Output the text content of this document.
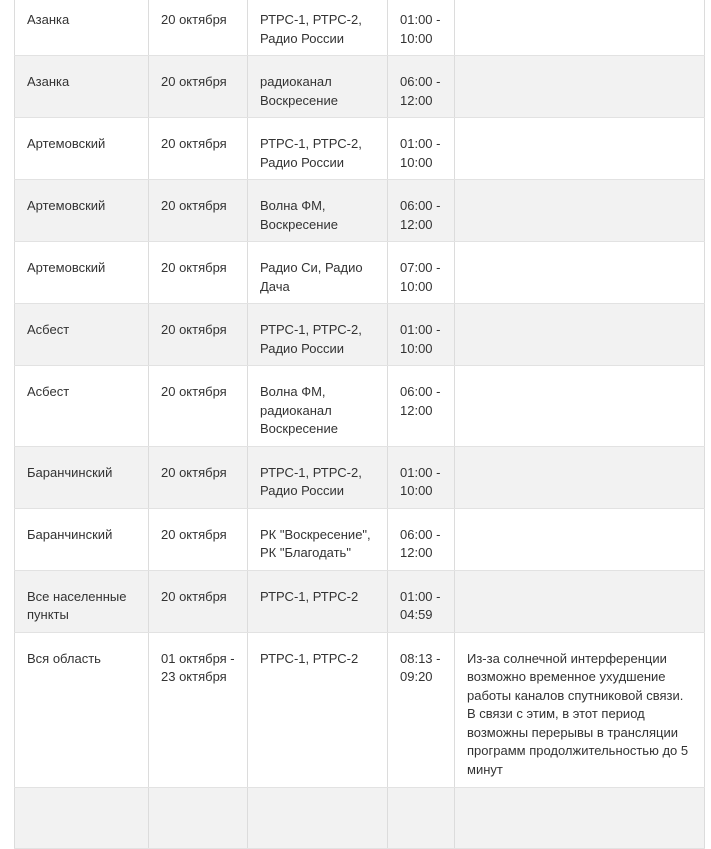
Азанка	20 октября	РТРС-1, РТРС-2, Радио России	01:00 - 10:00	
Азанка	20 октября	радиоканал Воскресение	06:00 - 12:00	
Артемовский	20 октября	РТРС-1, РТРС-2, Радио России	01:00 - 10:00	
Артемовский	20 октября	Волна ФМ, Воскресение	06:00 - 12:00	
Артемовский	20 октября	Радио Си, Радио Дача	07:00 - 10:00	
Асбест	20 октября	РТРС-1, РТРС-2, Радио России	01:00 - 10:00	
Асбест	20 октября	Волна ФМ, радиоканал Воскресение	06:00 - 12:00	
Баранчинский	20 октября	РТРС-1, РТРС-2, Радио России	01:00 - 10:00	
Баранчинский	20 октября	РК "Воскресение", РК "Благодать"	06:00 - 12:00	
Все населенные пункты	20 октября	РТРС-1, РТРС-2	01:00 - 04:59	
Вся область	01 октября - 23 октября	РТРС-1, РТРС-2	08:13 - 09:20	Из-за солнечной интерференции возможно временное ухудшение работы каналов спутниковой связи. В связи с этим, в этот период возможны перерывы в трансляции программ продолжительностью до 5 минут
